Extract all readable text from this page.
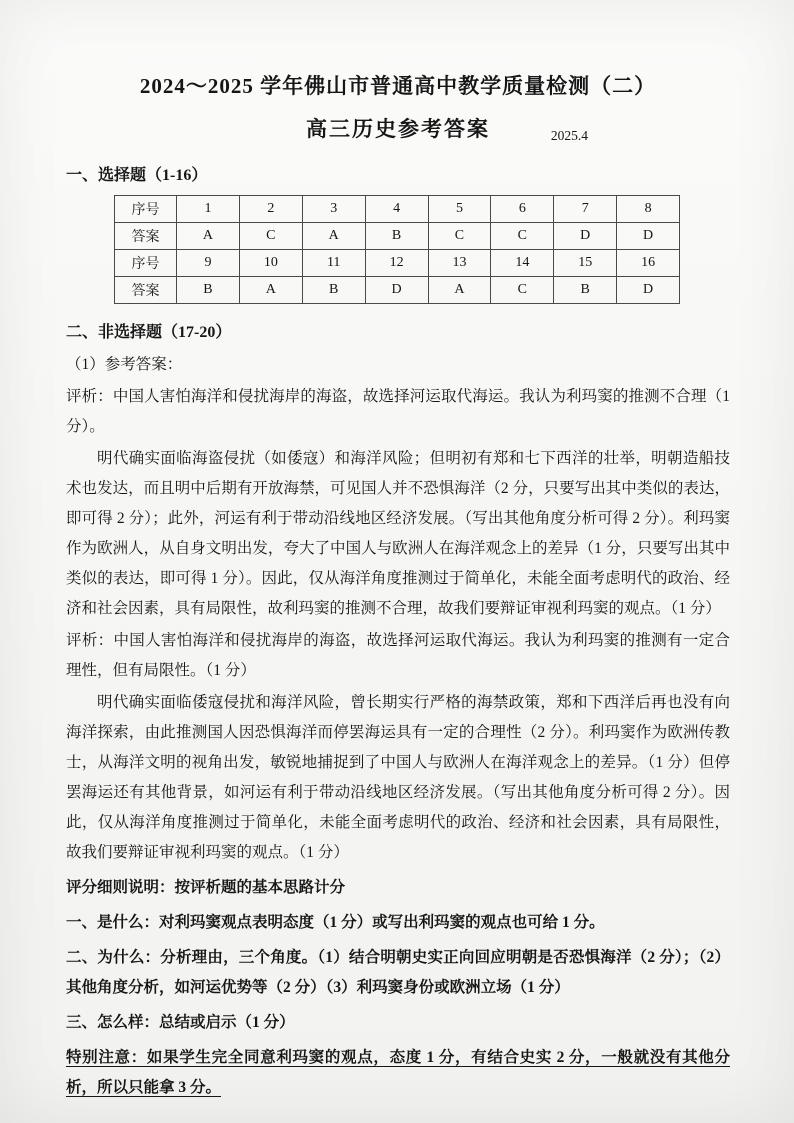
2024～2025 学年佛山市普通高中教学质量检测（二）
高三历史参考答案	2025.4
一、选择题（1-16）
序号	1	2	3	4	5	6	7	8
答案	A	C	A	B	C	C	D	D
序号	9	10	11	12	13	14	15	16
答案	B	A	B	D	A	C	B	D
二、非选择题（17-20）

（1）参考答案：

评析：中国人害怕海洋和侵扰海岸的海盗，故选择河运取代海运。我认为利玛窦的推测不合理（1 分）。

明代确实面临海盗侵扰（如倭寇）和海洋风险；但明初有郑和七下西洋的壮举，明朝造船技术也发达，而且明中后期有开放海禁，可见国人并不恐惧海洋（2 分，只要写出其中类似的表达，即可得 2 分）；此外，河运有利于带动沿线地区经济发展。（写出其他角度分析可得 2 分）。利玛窦作为欧洲人，从自身文明出发，夸大了中国人与欧洲人在海洋观念上的差异（1 分，只要写出其中类似的表达，即可得 1 分）。因此，仅从海洋角度推测过于简单化，未能全面考虑明代的政治、经济和社会因素，具有局限性，故利玛窦的推测不合理，故我们要辩证审视利玛窦的观点。（1 分）

评析：中国人害怕海洋和侵扰海岸的海盗，故选择河运取代海运。我认为利玛窦的推测有一定合理性，但有局限性。（1 分）

明代确实面临倭寇侵扰和海洋风险，曾长期实行严格的海禁政策，郑和下西洋后再也没有向海洋探索，由此推测国人因恐惧海洋而停罢海运具有一定的合理性（2 分）。利玛窦作为欧洲传教士，从海洋文明的视角出发，敏锐地捕捉到了中国人与欧洲人在海洋观念上的差异。（1 分）但停罢海运还有其他背景，如河运有利于带动沿线地区经济发展。（写出其他角度分析可得 2 分）。因此，仅从海洋角度推测过于简单化，未能全面考虑明代的政治、经济和社会因素，具有局限性，故我们要辩证审视利玛窦的观点。（1 分）

评分细则说明：按评析题的基本思路计分

一、是什么：对利玛窦观点表明态度（1 分）或写出利玛窦的观点也可给 1 分。

二、为什么：分析理由，三个角度。（1）结合明朝史实正向回应明朝是否恐惧海洋（2 分）；（2）其他角度分析，如河运优势等（2 分）（3）利玛窦身份或欧洲立场（1 分）

三、怎么样：总结或启示（1 分）

特别注意：如果学生完全同意利玛窦的观点，态度 1 分，有结合史实 2 分，一般就没有其他分析，所以只能拿 3 分。
